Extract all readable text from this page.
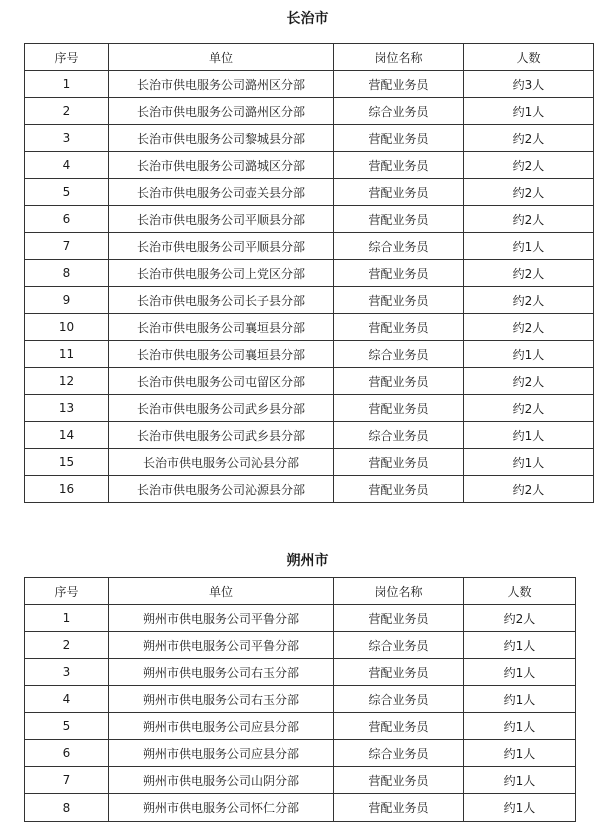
长治市
序号	单位	岗位名称	人数
1	长治市供电服务公司潞州区分部	营配业务员	约3人
2	长治市供电服务公司潞州区分部	综合业务员	约1人
3	长治市供电服务公司黎城县分部	营配业务员	约2人
4	长治市供电服务公司潞城区分部	营配业务员	约2人
5	长治市供电服务公司壶关县分部	营配业务员	约2人
6	长治市供电服务公司平顺县分部	营配业务员	约2人
7	长治市供电服务公司平顺县分部	综合业务员	约1人
8	长治市供电服务公司上党区分部	营配业务员	约2人
9	长治市供电服务公司长子县分部	营配业务员	约2人
10	长治市供电服务公司襄垣县分部	营配业务员	约2人
11	长治市供电服务公司襄垣县分部	综合业务员	约1人
12	长治市供电服务公司屯留区分部	营配业务员	约2人
13	长治市供电服务公司武乡县分部	营配业务员	约2人
14	长治市供电服务公司武乡县分部	综合业务员	约1人
15	长治市供电服务公司沁县分部	营配业务员	约1人
16	长治市供电服务公司沁源县分部	营配业务员	约2人
朔州市
序号	单位	岗位名称	人数
1	朔州市供电服务公司平鲁分部	营配业务员	约2人
2	朔州市供电服务公司平鲁分部	综合业务员	约1人
3	朔州市供电服务公司右玉分部	营配业务员	约1人
4	朔州市供电服务公司右玉分部	综合业务员	约1人
5	朔州市供电服务公司应县分部	营配业务员	约1人
6	朔州市供电服务公司应县分部	综合业务员	约1人
7	朔州市供电服务公司山阴分部	营配业务员	约1人
8	朔州市供电服务公司怀仁分部	营配业务员	约1人
